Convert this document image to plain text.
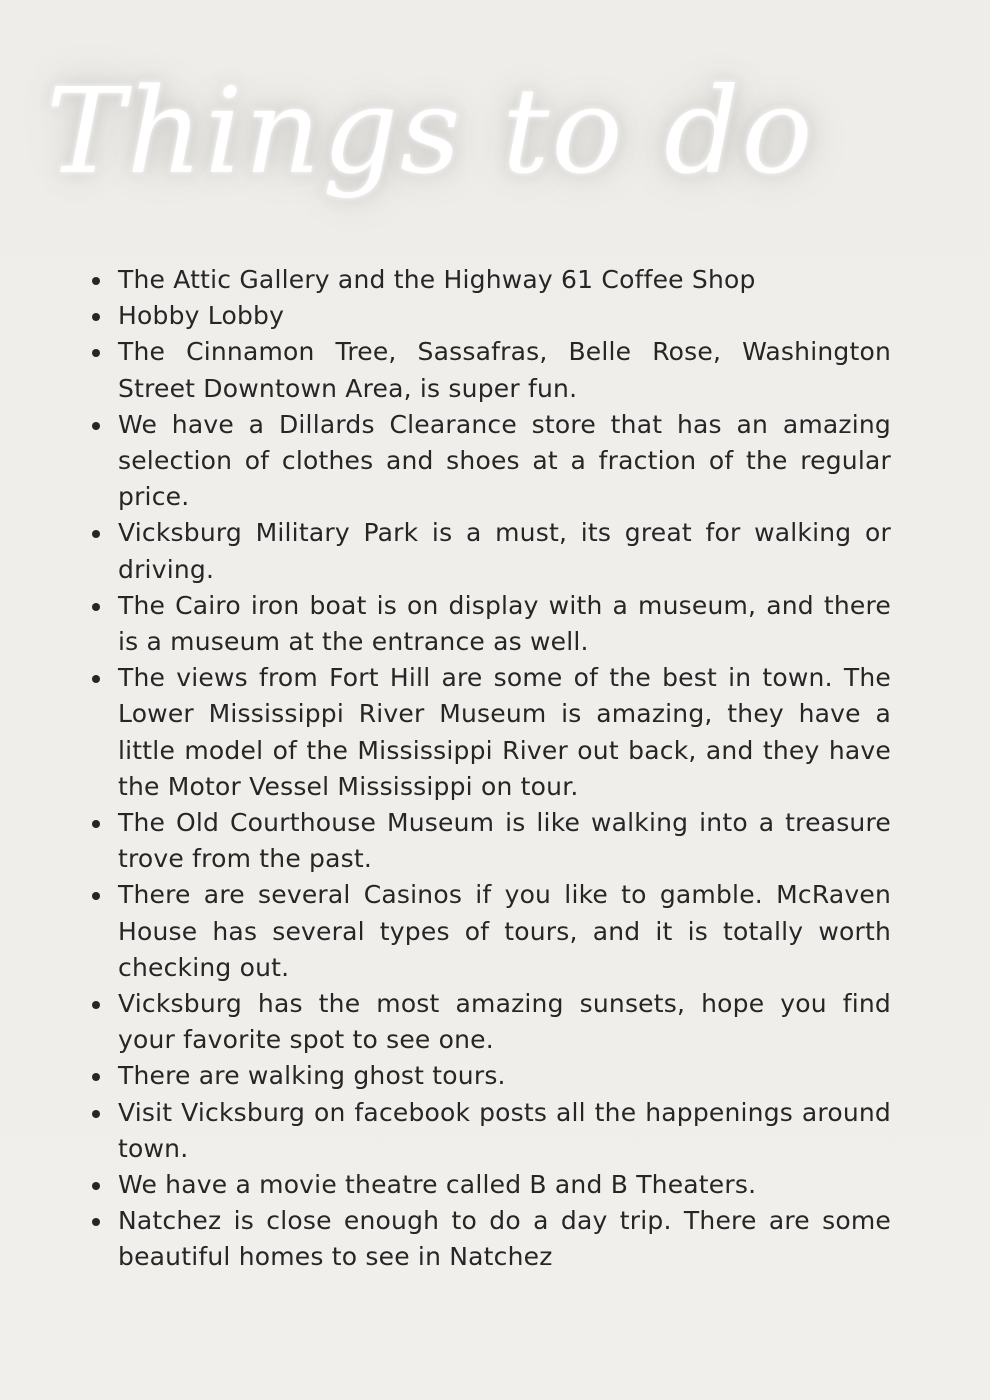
Things to do
The Attic Gallery and the Highway 61 Coffee Shop
Hobby Lobby
The Cinnamon Tree, Sassafras, Belle Rose, Washington Street Downtown Area, is super fun.
We have a Dillards Clearance store that has an amazing selection of clothes and shoes at a fraction of the regular price.
Vicksburg Military Park is a must, its great for walking or driving.
The Cairo iron boat is on display with a museum, and there is a museum at the entrance as well.
The views from Fort Hill are some of the best in town. The Lower Mississippi River Museum is amazing, they have a little model of the Mississippi River out back, and they have the Motor Vessel Mississippi on tour.
The Old Courthouse Museum is like walking into a treasure trove from the past.
There are several Casinos if you like to gamble. McRaven House has several types of tours, and it is totally worth checking out.
Vicksburg has the most amazing sunsets, hope you find your favorite spot to see one.
There are walking ghost tours.
Visit Vicksburg on facebook posts all the happenings around town.
We have a movie theatre called B and B Theaters.
Natchez is close enough to do a day trip. There are some beautiful homes to see in Natchez
